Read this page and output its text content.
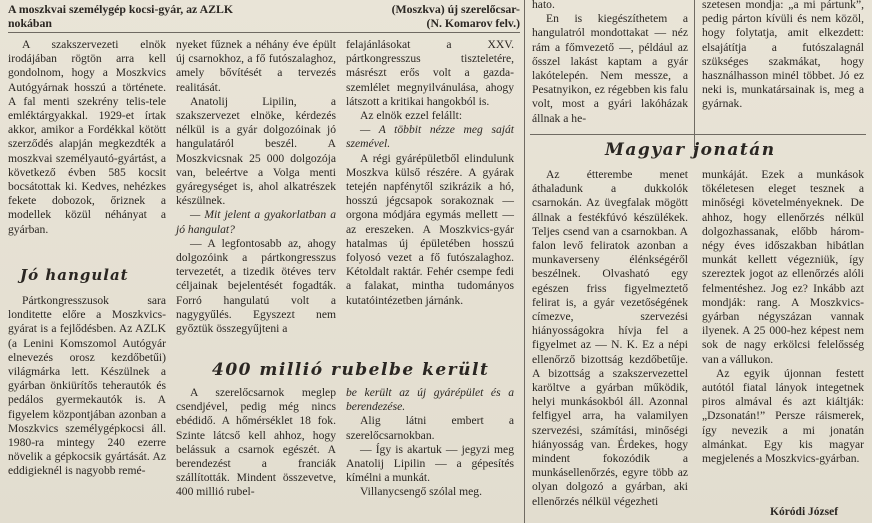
A moszkvai személygép kocsi-gyár, az AZLK
nokában
(Moszkva) új szerelőcsar-
(N. Komarov felv.)

A szakszervezeti elnök irodájában rögtön arra kell gondolnom, hogy a Moszkvics Autógyárnak hosszú a története. A fal menti szekrény telis-tele emléktárgyakkal. 1929-et írtak akkor, amikor a Fordékkal kötött szerződés alapján megkezdték a moszkvai személyautó-gyártást, a következő évben 585 kocsit bocsátottak ki. Kedves, nehézkes fekete dobozok, őriznek a modellek közül néhányat a gyárban.

Jó hangulat

Pártkongresszusok sara londitette előre a Moszkvics-gyárat is a fejlődésben. Az AZLK (a Lenini Komszomol Autógyár elnevezés orosz kezdőbetűi) világmárka lett. Készülnek a gyárban önkiürítős teherautók és pedálos gyermekautók is. A figyelem központjában azonban a Moszkvics személygépkocsi áll. 1980-ra mintegy 240 ezerre növelik a gépkocsik gyártását. Az eddigieknél is nagyobb remé-

nyeket fűznek a néhány éve épült új csarnokhoz, a fő futószalaghoz, amely bővítését a tervezés realitását.

Anatolij Lipilin, a szakszervezet elnöke, kérdezés nélkül is a gyár dolgozóinak jó hangulatáról beszél. A Moszkvicsnak 25 000 dolgozója van, beleértve a Volga menti gyáregységet is, ahol alkatrészek készülnek.

— Mit jelent a gyakorlatban a jó hangulat?

— A legfontosabb az, ahogy dolgozóink a pártkongresszus tervezetét, a tizedik ötéves terv céljainak bejelentését fogadták. Forró hangulatú volt a nagygyűlés. Egyszezt nem győztük összegyűjteni a

felajánlásokat a XXV. pártkongresszus tiszteletére, másrészt erős volt a gazda-szemlélet megnyilvánulása, ahogy látszott a kritikai hangokból is.

Az elnök ezzel felállt:

— A többit nézze meg saját szemével.

A régi gyárépületből elindulunk Moszkva külső részére. A gyárak tetején napfénytől szikrázik a hó, hosszú jégcsapok sorakoznak — orgona módjára egymás mellett — az ereszeken. A Moszkvics-gyár hatalmas új épületében hosszú folyosó vezet a fő futószalaghoz. Kétoldalt raktár. Fehér csempe fedi a falakat, mintha tudományos kutatóintézetben járnánk.

400 millió rubelbe került

A szerelőcsarnok meglep csendjével, pedig még nincs ebédidő. A hőmérséklet 18 fok. Szinte látcső kell ahhoz, hogy belássuk a csarnok egészét. A berendezést a franciák szállították. Mindent összevetve, 400 millió rubel-

be került az új gyárépület és a berendezése.

Alig látni embert a szerelőcsarnokban.

— Így is akartuk — jegyzi meg Anatolij Lipilin — a gépesítés kímélni a munkát.

Villanycsengő szólal meg.

hato.

En is kiegészíthetem a hangulatról mondottakat — néz rám a főmvezető —, például az ősszel lakást kaptam a gyár lakótelepén. Nem messze, a Pesatnyikon, ez régebben kis falu volt, most a gyári lakóházak állnak a he-

szetesen mondja: „a mi pártunk”, pedig párton kívüli és nem közöl, hogy folytatja, amit elkezdett: elsajátítja a futószalagnál szükséges szakmákat, hogy használhasson minél többet. Jó ez neki is, munkatársainak is, meg a gyárnak.

Magyar jonatán

Az étterembe menet áthaladunk a dukkolók csarnokán. Az üvegfalak mögött állnak a festékfúvó készülékek. Teljes csend van a csarnokban. A falon levő feliratok azonban a munkaverseny élénkségéről beszélnek. Olvasható egy egészen friss figyelmeztető felirat is, a gyár vezetőségének címezve, szervezési hiányosságokra hívja fel a figyelmet az — N. K. Ez a népi ellenőrző bizottság kezdőbetűje. A bizottság a szakszervezettel karöltve a gyárban működik, helyi munkásokból áll. Azonnal felfigyel arra, ha valamilyen szervezési, számítási, minőségi hiányosság van. Érdekes, hogy mindent fokozódik a munkásellenőrzés, egyre több az olyan dolgozó a gyárban, aki ellenőrzés nélkül végezheti

munkáját. Ezek a munkások tökéletesen eleget tesznek a minőségi követelményeknek. De ahhoz, hogy ellenőrzés nélkül dolgozhassanak, előbb három-négy éves időszakban hibátlan munkát kellett végezniük, így szereztek jogot az ellenőrzés alóli felmentéshez. Jog ez? Inkább azt mondják: rang. A Moszkvics-gyárban négyszázan vannak ilyenek. A 25 000-hez képest nem sok de nagy erkölcsi felelősség van a vállukon.

Az egyik újonnan festett autótól fiatal lányok integetnek piros almával és azt kiáltják: „Dzsonatán!” Persze ráismerek, így nevezik a mi jonatán almánkat. Egy kis magyar megjelenés a Moszkvics-gyárban.

Kóródi József
